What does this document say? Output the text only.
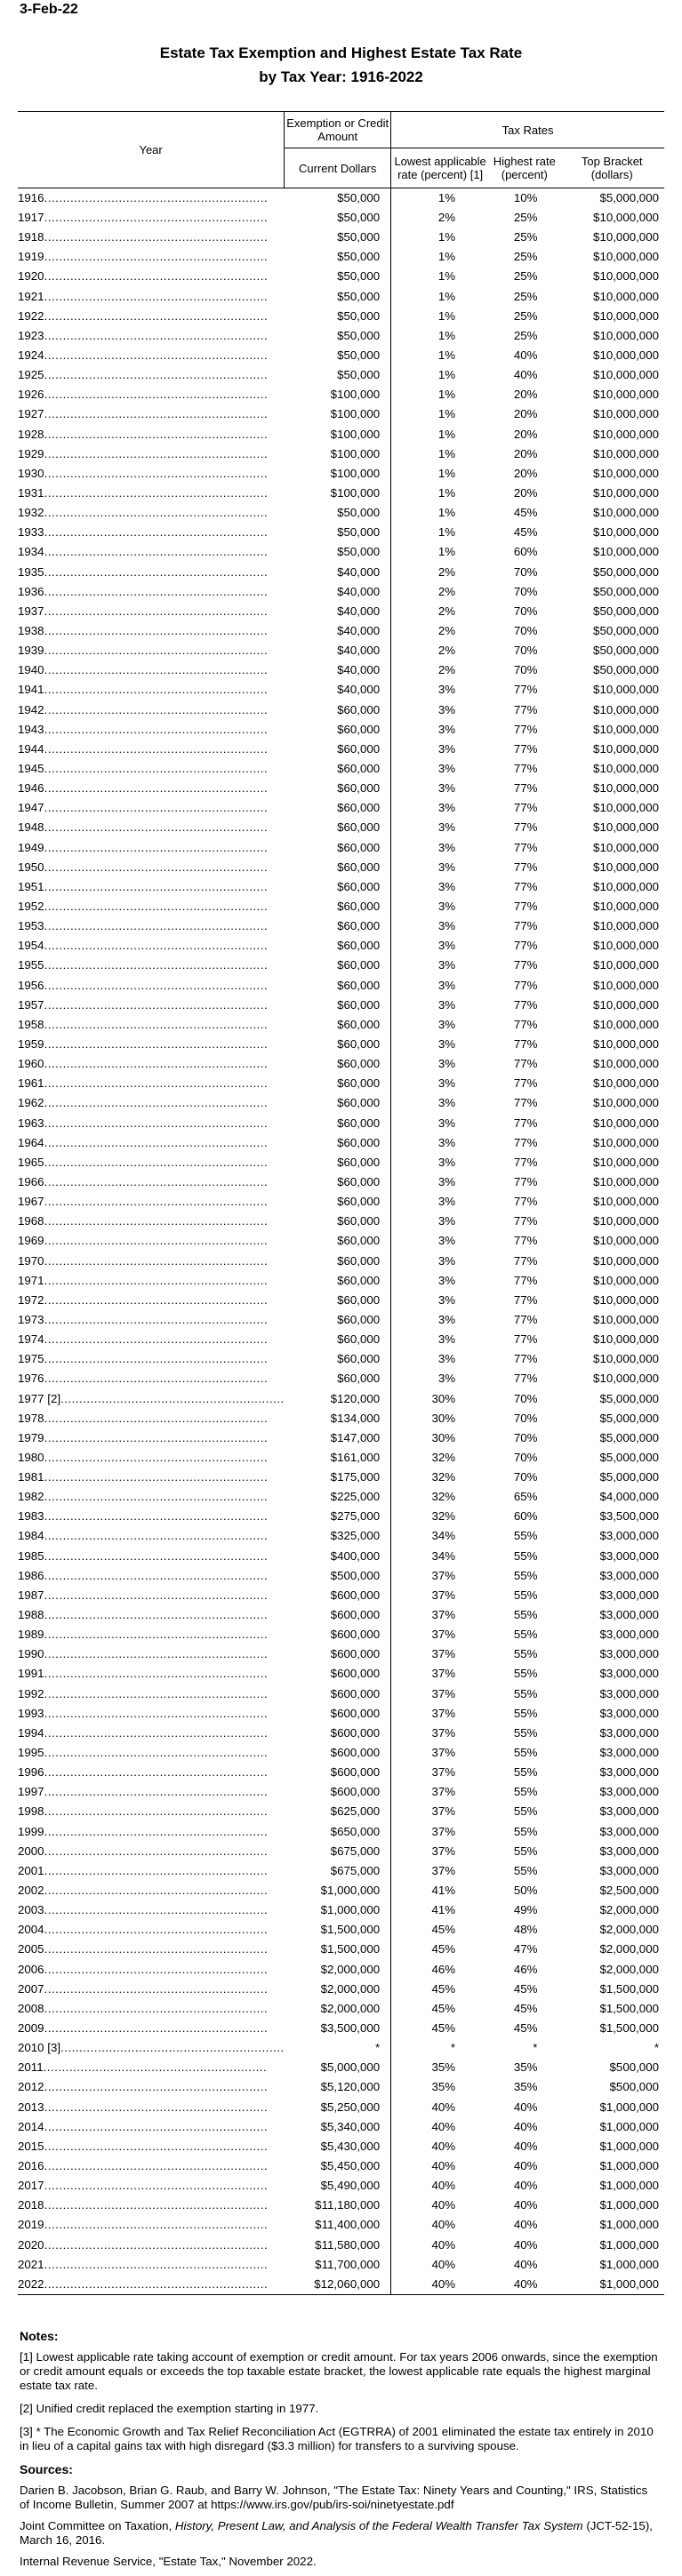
3-Feb-22
Estate Tax Exemption and Highest Estate Tax Rate
by Tax Year: 1916-2022
Year	Exemption or Credit Amount	Tax Rates		
	Current Dollars	Lowest applicable rate (percent) [1]	Highest rate (percent)	Top Bracket (dollars)
1916............................................................	$50,000	1%	10%	$5,000,000
1917............................................................	$50,000	2%	25%	$10,000,000
1918............................................................	$50,000	1%	25%	$10,000,000
1919............................................................	$50,000	1%	25%	$10,000,000
1920............................................................	$50,000	1%	25%	$10,000,000
1921............................................................	$50,000	1%	25%	$10,000,000
1922............................................................	$50,000	1%	25%	$10,000,000
1923............................................................	$50,000	1%	25%	$10,000,000
1924............................................................	$50,000	1%	40%	$10,000,000
1925............................................................	$50,000	1%	40%	$10,000,000
1926............................................................	$100,000	1%	20%	$10,000,000
1927............................................................	$100,000	1%	20%	$10,000,000
1928............................................................	$100,000	1%	20%	$10,000,000
1929............................................................	$100,000	1%	20%	$10,000,000
1930............................................................	$100,000	1%	20%	$10,000,000
1931............................................................	$100,000	1%	20%	$10,000,000
1932............................................................	$50,000	1%	45%	$10,000,000
1933............................................................	$50,000	1%	45%	$10,000,000
1934............................................................	$50,000	1%	60%	$10,000,000
1935............................................................	$40,000	2%	70%	$50,000,000
1936............................................................	$40,000	2%	70%	$50,000,000
1937............................................................	$40,000	2%	70%	$50,000,000
1938............................................................	$40,000	2%	70%	$50,000,000
1939............................................................	$40,000	2%	70%	$50,000,000
1940............................................................	$40,000	2%	70%	$50,000,000
1941............................................................	$40,000	3%	77%	$10,000,000
1942............................................................	$60,000	3%	77%	$10,000,000
1943............................................................	$60,000	3%	77%	$10,000,000
1944............................................................	$60,000	3%	77%	$10,000,000
1945............................................................	$60,000	3%	77%	$10,000,000
1946............................................................	$60,000	3%	77%	$10,000,000
1947............................................................	$60,000	3%	77%	$10,000,000
1948............................................................	$60,000	3%	77%	$10,000,000
1949............................................................	$60,000	3%	77%	$10,000,000
1950............................................................	$60,000	3%	77%	$10,000,000
1951............................................................	$60,000	3%	77%	$10,000,000
1952............................................................	$60,000	3%	77%	$10,000,000
1953............................................................	$60,000	3%	77%	$10,000,000
1954............................................................	$60,000	3%	77%	$10,000,000
1955............................................................	$60,000	3%	77%	$10,000,000
1956............................................................	$60,000	3%	77%	$10,000,000
1957............................................................	$60,000	3%	77%	$10,000,000
1958............................................................	$60,000	3%	77%	$10,000,000
1959............................................................	$60,000	3%	77%	$10,000,000
1960............................................................	$60,000	3%	77%	$10,000,000
1961............................................................	$60,000	3%	77%	$10,000,000
1962............................................................	$60,000	3%	77%	$10,000,000
1963............................................................	$60,000	3%	77%	$10,000,000
1964............................................................	$60,000	3%	77%	$10,000,000
1965............................................................	$60,000	3%	77%	$10,000,000
1966............................................................	$60,000	3%	77%	$10,000,000
1967............................................................	$60,000	3%	77%	$10,000,000
1968............................................................	$60,000	3%	77%	$10,000,000
1969............................................................	$60,000	3%	77%	$10,000,000
1970............................................................	$60,000	3%	77%	$10,000,000
1971............................................................	$60,000	3%	77%	$10,000,000
1972............................................................	$60,000	3%	77%	$10,000,000
1973............................................................	$60,000	3%	77%	$10,000,000
1974............................................................	$60,000	3%	77%	$10,000,000
1975............................................................	$60,000	3%	77%	$10,000,000
1976............................................................	$60,000	3%	77%	$10,000,000
1977 [2]............................................................	$120,000	30%	70%	$5,000,000
1978............................................................	$134,000	30%	70%	$5,000,000
1979............................................................	$147,000	30%	70%	$5,000,000
1980............................................................	$161,000	32%	70%	$5,000,000
1981............................................................	$175,000	32%	70%	$5,000,000
1982............................................................	$225,000	32%	65%	$4,000,000
1983............................................................	$275,000	32%	60%	$3,500,000
1984............................................................	$325,000	34%	55%	$3,000,000
1985............................................................	$400,000	34%	55%	$3,000,000
1986............................................................	$500,000	37%	55%	$3,000,000
1987............................................................	$600,000	37%	55%	$3,000,000
1988............................................................	$600,000	37%	55%	$3,000,000
1989............................................................	$600,000	37%	55%	$3,000,000
1990............................................................	$600,000	37%	55%	$3,000,000
1991............................................................	$600,000	37%	55%	$3,000,000
1992............................................................	$600,000	37%	55%	$3,000,000
1993............................................................	$600,000	37%	55%	$3,000,000
1994............................................................	$600,000	37%	55%	$3,000,000
1995............................................................	$600,000	37%	55%	$3,000,000
1996............................................................	$600,000	37%	55%	$3,000,000
1997............................................................	$600,000	37%	55%	$3,000,000
1998............................................................	$625,000	37%	55%	$3,000,000
1999............................................................	$650,000	37%	55%	$3,000,000
2000............................................................	$675,000	37%	55%	$3,000,000
2001............................................................	$675,000	37%	55%	$3,000,000
2002............................................................	$1,000,000	41%	50%	$2,500,000
2003............................................................	$1,000,000	41%	49%	$2,000,000
2004............................................................	$1,500,000	45%	48%	$2,000,000
2005............................................................	$1,500,000	45%	47%	$2,000,000
2006............................................................	$2,000,000	46%	46%	$2,000,000
2007............................................................	$2,000,000	45%	45%	$1,500,000
2008............................................................	$2,000,000	45%	45%	$1,500,000
2009............................................................	$3,500,000	45%	45%	$1,500,000
2010 [3]............................................................	*	*	*	*
2011............................................................	$5,000,000	35%	35%	$500,000
2012............................................................	$5,120,000	35%	35%	$500,000
2013............................................................	$5,250,000	40%	40%	$1,000,000
2014............................................................	$5,340,000	40%	40%	$1,000,000
2015............................................................	$5,430,000	40%	40%	$1,000,000
2016............................................................	$5,450,000	40%	40%	$1,000,000
2017............................................................	$5,490,000	40%	40%	$1,000,000
2018............................................................	$11,180,000	40%	40%	$1,000,000
2019............................................................	$11,400,000	40%	40%	$1,000,000
2020............................................................	$11,580,000	40%	40%	$1,000,000
2021............................................................	$11,700,000	40%	40%	$1,000,000
2022............................................................	$12,060,000	40%	40%	$1,000,000
Notes:

[1] Lowest applicable rate taking account of exemption or credit amount. For tax years 2006 onwards, since the exemption or credit amount equals or exceeds the top taxable estate bracket, the lowest applicable rate equals the highest marginal estate tax rate.

[2] Unified credit replaced the exemption starting in 1977.

[3] * The Economic Growth and Tax Relief Reconciliation Act (EGTRRA) of 2001 eliminated the estate tax entirely in 2010 in lieu of a capital gains tax with high disregard ($3.3 million) for transfers to a surviving spouse.

Sources:

Darien B. Jacobson, Brian G. Raub, and Barry W. Johnson, "The Estate Tax: Ninety Years and Counting," IRS, Statistics of Income Bulletin, Summer 2007 at https://www.irs.gov/pub/irs-soi/ninetyestate.pdf

Joint Committee on Taxation, History, Present Law, and Analysis of the Federal Wealth Transfer Tax System (JCT-52-15), March 16, 2016.

Internal Revenue Service, "Estate Tax," November 2022.
